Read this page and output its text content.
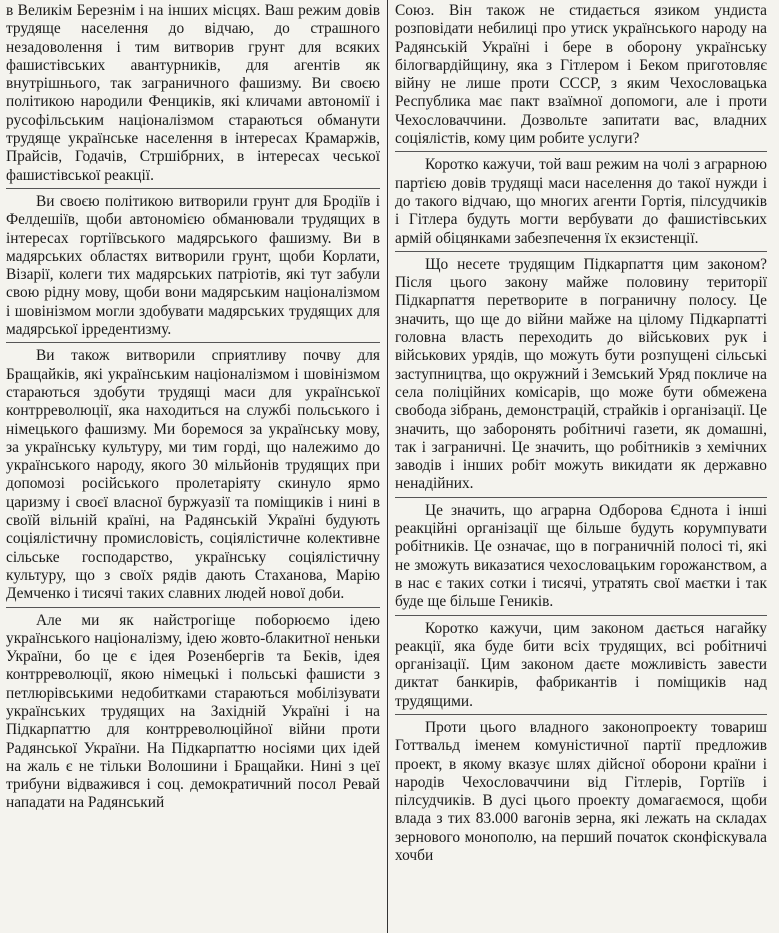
в Великім Березнім і на інших місцях. Ваш режим довів трудяще населення до відчаю, до страшного незадоволення і тим витворив грунт для всяких фашистівських авантурників, для агентів як внутрішнього, так заграничного фашизму. Ви своєю політикою народили Фенциків, які кличами автономії і русофільським націоналізмом стараються обманути трудяще українське населення в інтересах Крамаржів, Прайсів, Годачів, Стршібрних, в інтересах чеської фашистівської реакції.

Ви своєю політикою витворили грунт для Бродіїв і Фелдешіїв, щоби автономією обманювали трудящих в інтересах гортіївського мадярського фашизму. Ви в мадярських областях витворили грунт, щоби Корлати, Візарії, колеги тих мадярських патріотів, які тут забули свою рідну мову, щоби вони мадярським націоналізмом і шовінізмом могли здобувати мадярських трудящих для мадярської ірредентизму.

Ви також витворили сприятливу почву для Бращайків, які українським націоналізмом і шовінізмом стараються здобути трудящі маси для української контрреволюції, яка находиться на службі польського і німецького фашизму. Ми боремося за українську мову, за українську культуру, ми тим горді, що належимо до українського народу, якого 30 мільйонів трудящих при допомозі російського пролетаріяту скинуло ярмо царизму і своєї власної буржуазії та поміщиків і нині в своїй вільній країні, на Радянській Україні будують соціялістичну промисловість, соціялістичне колективне сільське господарство, українську соціялістичну культуру, що з своїх рядів дають Стаханова, Марію Демченко і тисячі таких славних людей нової доби.

Але ми як найстрогіще поборюємо ідею українського націоналізму, ідею жовто-блакитної неньки України, бо це є ідея Розенбергів та Беків, ідея контрреволюції, якою німецькі і польські фашисти з петлюрівськими недобитками стараються мобілізувати українських трудящих на Західній Україні і на Підкарпаттю для контрреволюційної війни проти Радянської України. На Підкарпаттю носіями цих ідей на жаль є не тільки Волошини і Бращайки. Нині з цеї трибуни відважився і соц. демократичний посол Ревай нападати на Радянський

Союз. Він також не стидається язиком ундиста розповідати небилиці про утиск українського народу на Радянській Україні і бере в оборону українську білогвардійщину, яка з Гітлером і Беком приготовляє війну не лише проти СССР, з яким Чехословацька Республика має пакт взаїмної допомоги, але і проти Чехословаччини. Дозвольте запитати вас, владних соціялістів, кому цим робите услуги?

Коротко кажучи, той ваш режим на чолі з аграрною партією довів трудящі маси населення до такої нужди і до такого відчаю, що многих агенти Гортія, пілсудчиків і Гітлера будуть могти вербувати до фашистівських армій обіцянками забезпечення їх екзистенції.

Що несете трудящим Підкарпаття цим законом? Після цього закону майже половину території Підкарпаття перетворите в пограничну полосу. Це значить, що ще до війни майже на цілому Підкарпатті головна власть переходить до військових рук і військових урядів, що можуть бути розпущені сільські заступництва, що окружний і Земський Уряд покличе на села поліційних комісарів, що може бути обмежена свобода зібрань, демонстрацій, страйків і організації. Це значить, що заборонять робітничі газети, як домашні, так і заграничні. Це значить, що робітників з хемічних заводів і інших робіт можуть викидати як державно ненадійних.

Це значить, що аграрна Одборова Єднота і інші реакційні організації ще більше будуть корумпувати робітників. Це означає, що в пограничній полосі ті, які не зможуть виказатися чехословацьким горожанством, а в нас є таких сотки і тисячі, утратять свої маєтки і так буде ще більше Геників.

Коротко кажучи, цим законом дається нагайку реакції, яка буде бити всіх трудящих, всі робітничі організації. Цим законом даєте можливість завести диктат банкирів, фабрикантів і поміщиків над трудящими.

Проти цього владного законопроекту товариш Готтвальд іменем комуністичної партії предложив проект, в якому вказує шлях дійсної оборони країни і народів Чехословаччини від Гітлерів, Гортіїв і пілсудчиків. В дусі цього проекту домагаємося, щоби влада з тих 83.000 вагонів зерна, які лежать на складах зернового монополю, на перший початок сконфіскувала хочби
